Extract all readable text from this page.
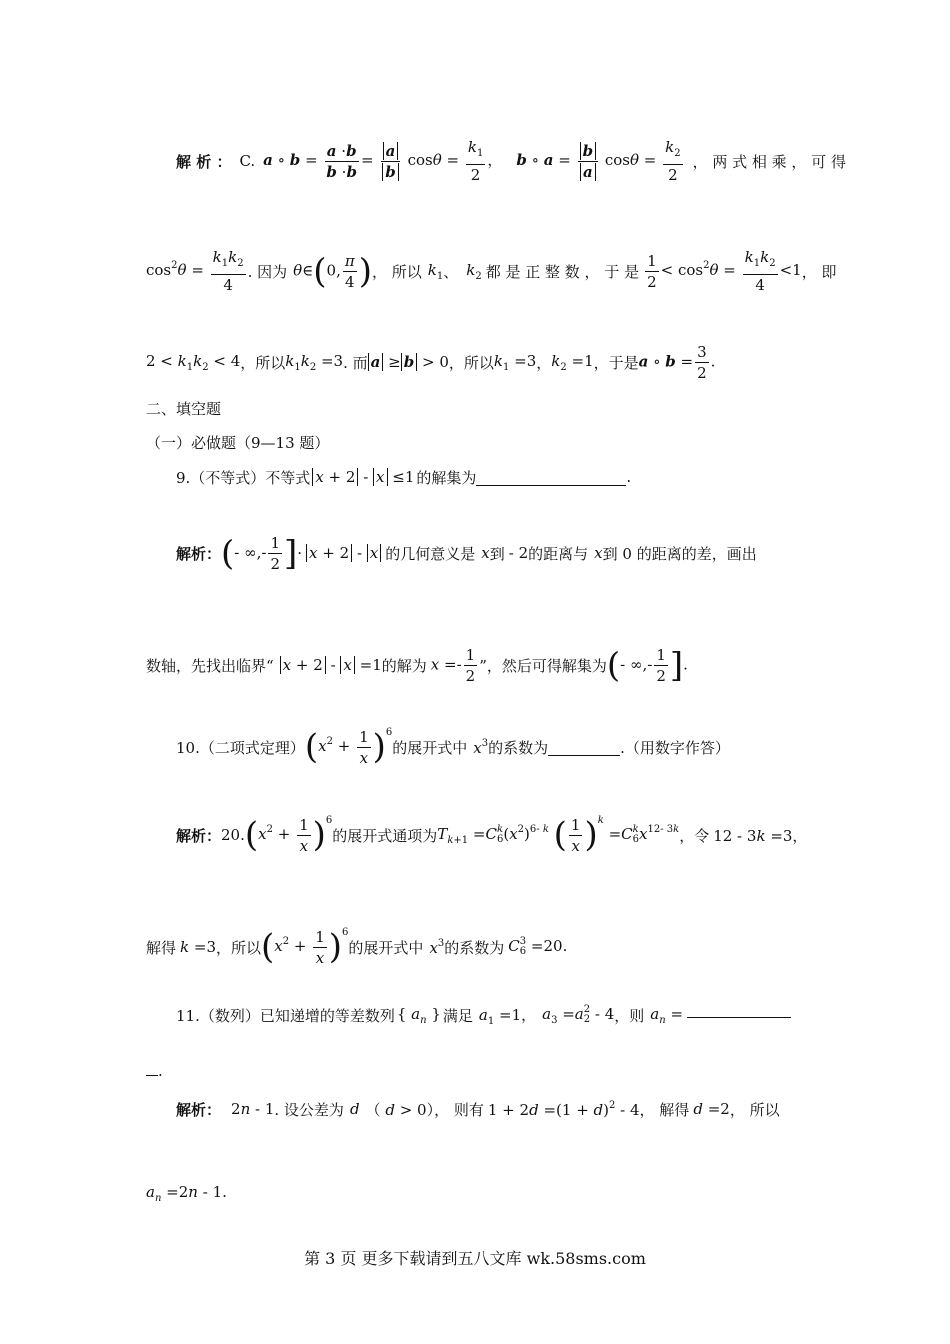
解 析 ： C. a ∘ $b = \frac{a \cdot b}{b \cdot b} = \frac{a}{b}$ $\cos\theta = \frac{k_1}{2}$ ， b ∘ $a = \frac{b}{a}$ $\cos\theta = \frac{k_2}{2}$ ， 两 式 相 乘 ， 可 得
$\cos^2\theta = \frac{k_1k_2}{4}$ . 因为 θ∈(0, $\frac{\pi}{4}$ ) ， 所以 $k_1$ 、 $k_2$ 都 是 正 整 数 ， 于 是 $\frac{1}{2} < \cos^2\theta = \frac{k_1k_2}{4} <1$ ， 即
$2 < k_1k_2 < 4$ ，所以 $k_1k_2 =3$ . 而 a ≥ b > 0 ，所以 $k_1 =3$ ， $k_2 =1$ ，于是 a ∘ $b = \frac{3}{2}$ .
二、填空题
（一）必做题（9—13 题）
9.（不等式）不等式 x + 2 - x ≤1 的解集为	.
解析： (- ∞,- $\frac{1}{2}$ ] · x + 2 - x 的几何意义是 x 到 - 2 的距离与 x 到 0 的距离的差，画出
数轴，先找出临界“ x + 2 - x =1 的解为 $x =- \frac{1}{2}$ ”，然后可得解集为 (- ∞,- $\frac{1}{2}$ ].
10.（二项式定理） $(x^2 + \frac{1}{x} )^6$
的展开式中 $x^3$ 的系数为	.（用数字作答）
解析： 20. $(x^2 + \frac{1}{x} )^6$
的展开式通项为 $T_{k+1} =C$ k
6 $(x^2)^{6- k}$ ( $\frac{1}{x} )^k =C$ k
6 $x^{12- 3k}$ ，令 12 - 3k =3，
解得 k =3 ，所以 $(x^2 + \frac{1}{x} )^6$
的展开式中 $x^3$ 的系数为 C 3
6 =20.
11.（数列）已知递增的等差数列 { $a_n$ } 满足 $a_1 =1$， $a_3 =a$ 2
2 - 4 ，则 $a_n$ =
.
解析： 2n - 1 . 设公差为 d （ d > 0 ）， 则有 $1 + 2d =(1 + d)^2 - 4$ ， 解得 d =2 ， 所以
$a_n =2n - 1$.
第 3 页 更多下载请到五八文库 wk.58sms.com
